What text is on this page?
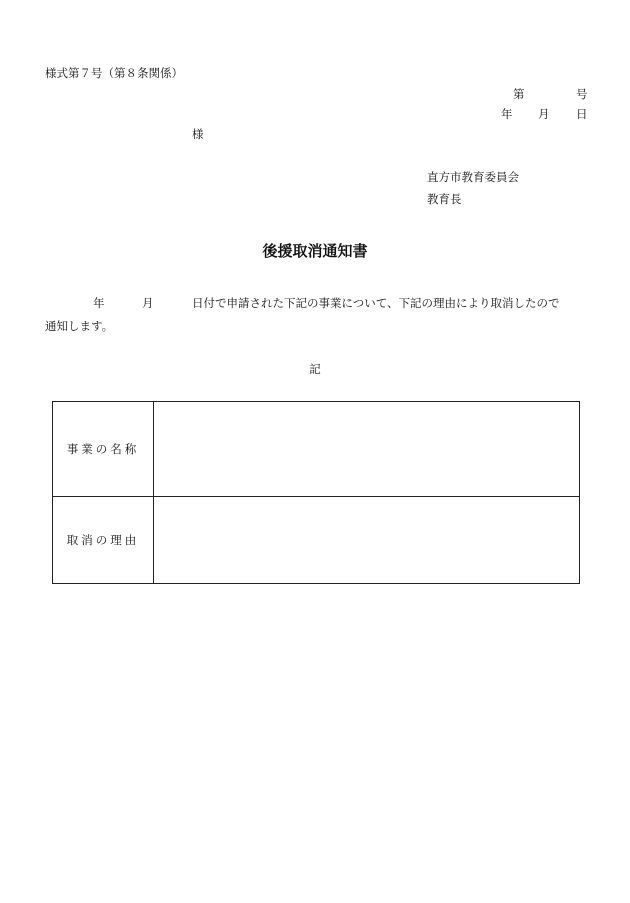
様式第７号（第８条関係）
第	号
年 月 日
様
直方市教育委員会
教育長
後援取消通知書
年	月	日付で申請された下記の事業について、下記の理由により取消したので
通知します。
記
事業の名称	
取消の理由	
